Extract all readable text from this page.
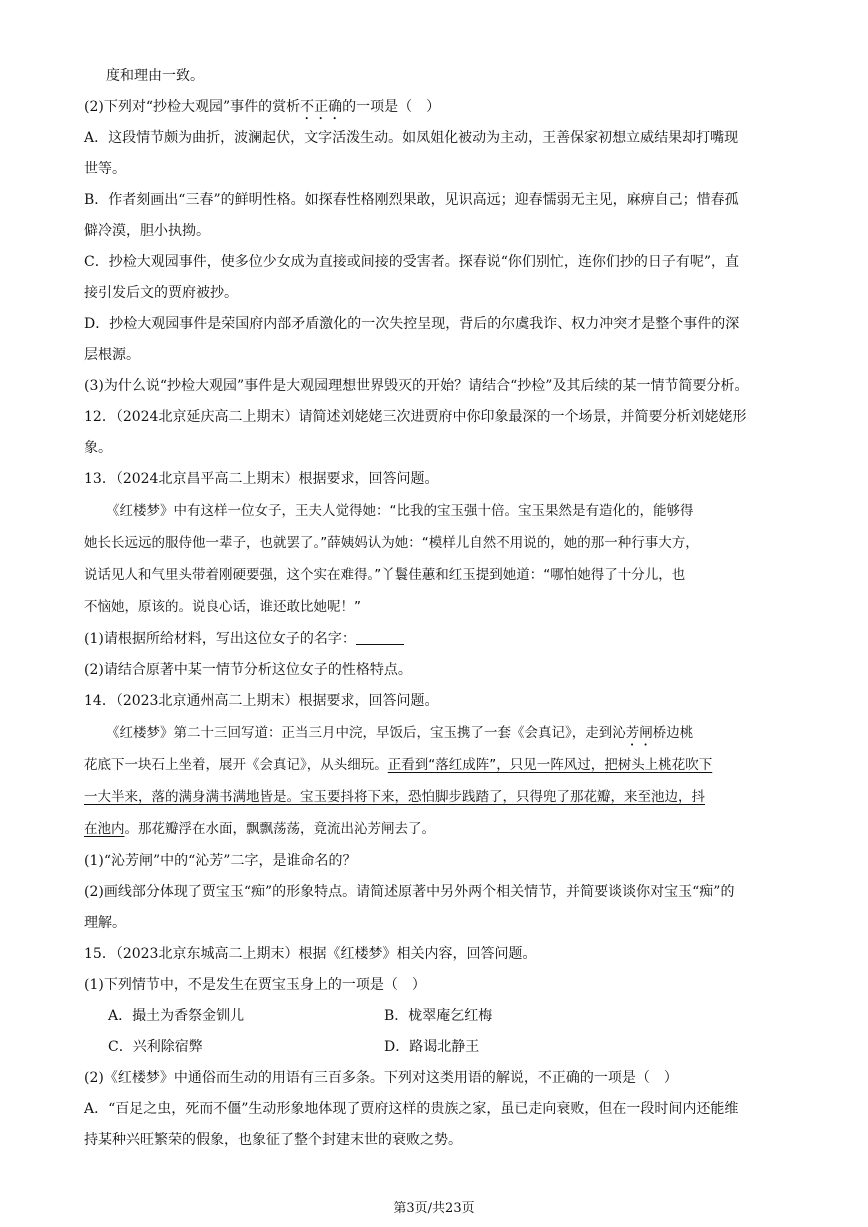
度和理由一致。
(2)下列对“抄检大观园”事件的赏析不正确的一项是（　）
A．这段情节颇为曲折，波澜起伏，文字活泼生动。如凤姐化被动为主动，王善保家初想立威结果却打嘴现
世等。
B．作者刻画出“三春”的鲜明性格。如探春性格刚烈果敢，见识高远；迎春懦弱无主见，麻痹自己；惜春孤
僻冷漠，胆小执拗。
C．抄检大观园事件，使多位少女成为直接或间接的受害者。探春说“你们别忙，连你们抄的日子有呢”，直
接引发后文的贾府被抄。
D．抄检大观园事件是荣国府内部矛盾激化的一次失控呈现，背后的尔虞我诈、权力冲突才是整个事件的深
层根源。
(3)为什么说“抄检大观园”事件是大观园理想世界毁灭的开始？请结合“抄检”及其后续的某一情节简要分析。
12．（2024北京延庆高二上期末）请简述刘姥姥三次进贾府中你印象最深的一个场景，并简要分析刘姥姥形
象。
13．（2024北京昌平高二上期末）根据要求，回答问题。
《红楼梦》中有这样一位女子，王夫人觉得她：“比我的宝玉强十倍。宝玉果然是有造化的，能够得
她长长远远的服侍他一辈子，也就罢了。”薛姨妈认为她：“模样儿自然不用说的，她的那一种行事大方，
说话见人和气里头带着刚硬要强，这个实在难得。”丫鬟佳蕙和红玉提到她道：“哪怕她得了十分儿，也
不恼她，原该的。说良心话，谁还敢比她呢！”
(1)请根据所给材料，写出这位女子的名字：
(2)请结合原著中某一情节分析这位女子的性格特点。
14．（2023北京通州高二上期末）根据要求，回答问题。
《红楼梦》第二十三回写道：正当三月中浣，早饭后，宝玉携了一套《会真记》，走到沁芳闸桥边桃
花底下一块石上坐着，展开《会真记》，从头细玩。正看到“落红成阵”，只见一阵风过，把树头上桃花吹下
一大半来，落的满身满书满地皆是。宝玉要抖将下来，恐怕脚步践踏了，只得兜了那花瓣，来至池边，抖
在池内。那花瓣浮在水面，飘飘荡荡，竟流出沁芳闸去了。
(1)“沁芳闸”中的“沁芳”二字，是谁命名的？
(2)画线部分体现了贾宝玉“痴”的形象特点。请简述原著中另外两个相关情节，并简要谈谈你对宝玉“痴”的
理解。
15．（2023北京东城高二上期末）根据《红楼梦》相关内容，回答问题。
(1)下列情节中，不是发生在贾宝玉身上的一项是（　）
A．撮土为香祭金钏儿	B．栊翠庵乞红梅
C．兴利除宿弊	D．路谒北静王
(2)《红楼梦》中通俗而生动的用语有三百多条。下列对这类用语的解说，不正确的一项是（　）
A．“百足之虫，死而不僵”生动形象地体现了贾府这样的贵族之家，虽已走向衰败，但在一段时间内还能维
持某种兴旺繁荣的假象，也象征了整个封建末世的衰败之势。
第3页/共23页
